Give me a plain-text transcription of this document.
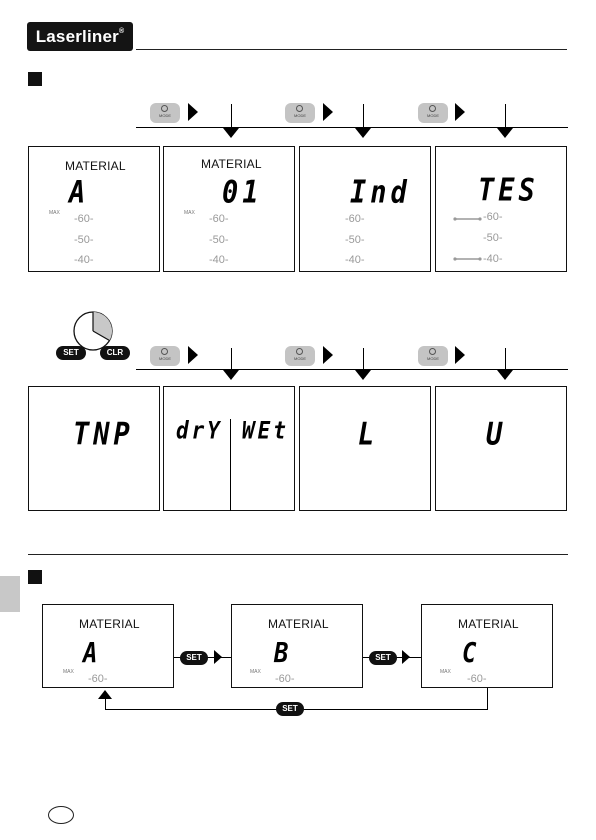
Laserliner®
MODE	MODE	MODE
MATERIAL
A
MAX -60-
-50-
-40-
MATERIAL
01
MAX -60-
-50-
-40-
Ind
-60-
-50-
-40-
TES
-60-
-50-
-40-
SET	CLR
MODE	MODE	MODE
TNP drY WEt	L	U
MATERIAL
A
MAX
-60-
MATERIAL
B
MAX
-60-
MATERIAL
C
MAX
-60-
SET	SET
SET
